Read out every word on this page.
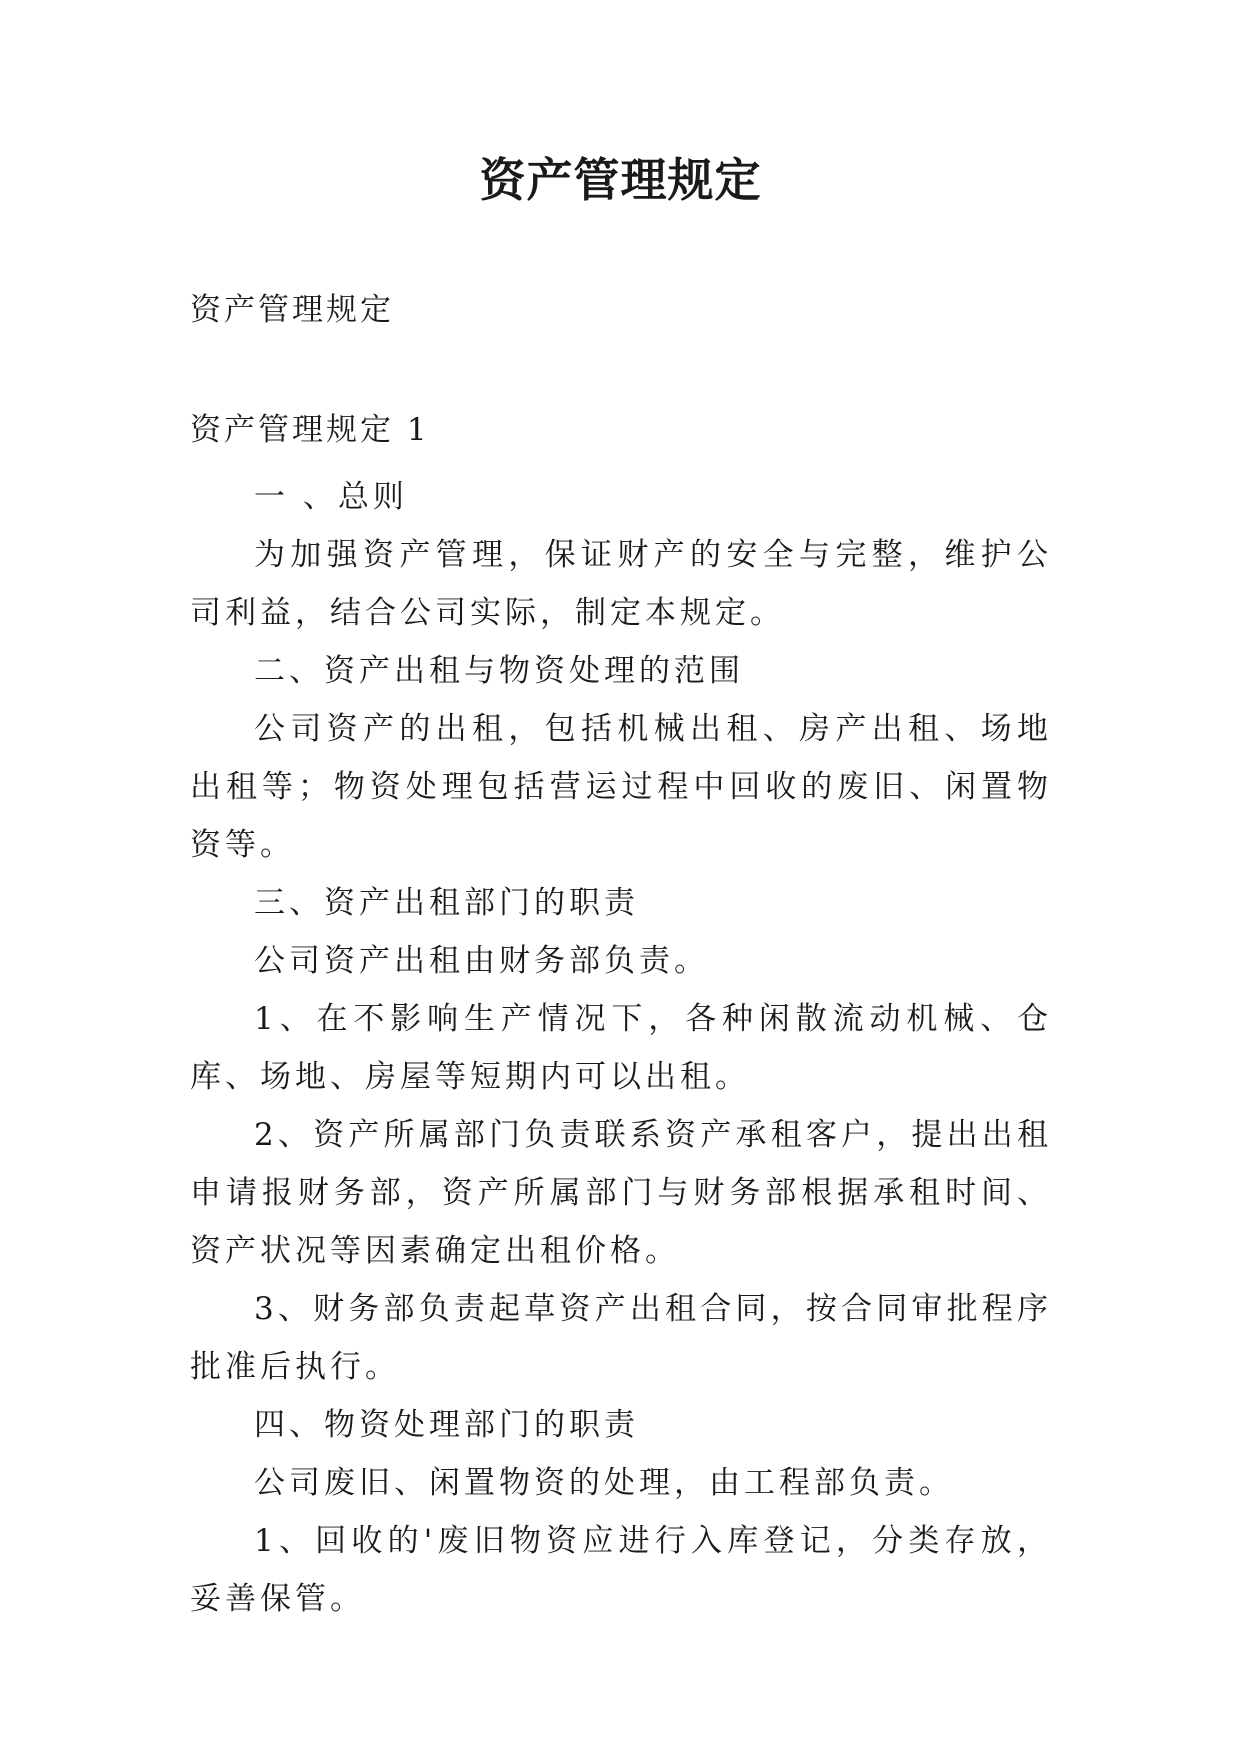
资产管理规定

资产管理规定

资产管理规定 1

一 、总则

为加强资产管理，保证财产的安全与完整，维护公司利益，结合公司实际，制定本规定。

二、资产出租与物资处理的范围

公司资产的出租，包括机械出租、房产出租、场地出租等；物资处理包括营运过程中回收的废旧、闲置物资等。

三、资产出租部门的职责

公司资产出租由财务部负责。

1、在不影响生产情况下，各种闲散流动机械、仓库、场地、房屋等短期内可以出租。

2、资产所属部门负责联系资产承租客户，提出出租申请报财务部，资产所属部门与财务部根据承租时间、资产状况等因素确定出租价格。

3、财务部负责起草资产出租合同，按合同审批程序批准后执行。

四、物资处理部门的职责

公司废旧、闲置物资的处理，由工程部负责。

1、回收的'废旧物资应进行入库登记，分类存放，妥善保管。
